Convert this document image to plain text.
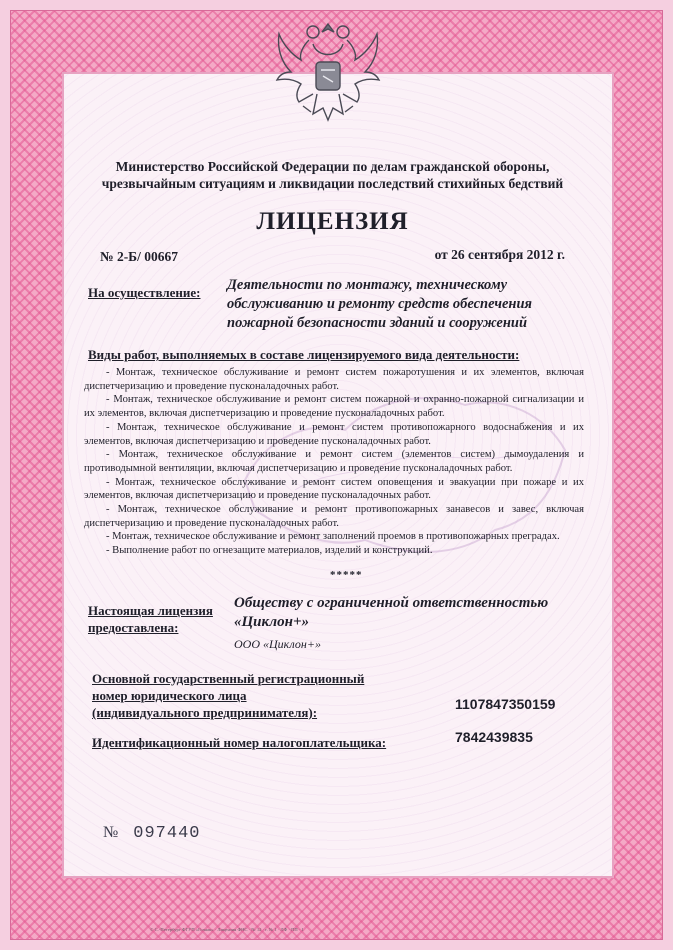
Министерство Российской Федерации по делам гражданской обороны,
чрезвычайным ситуациям и ликвидации последствий стихийных бедствий
ЛИЦЕНЗИЯ
№ 2-Б/ 00667	от 26 сентября 2012 г.
На осуществление: Деятельности по монтажу, техническому обслуживанию и ремонту средств обеспечения пожарной безопасности зданий и сооружений
Виды работ, выполняемых в составе лицензируемого вида деятельности:

- Монтаж, техническое обслуживание и ремонт систем пожаротушения и их элементов, включая диспетчеризацию и проведение пусконаладочных работ.

- Монтаж, техническое обслуживание и ремонт систем пожарной и охранно-пожарной сигнализации и их элементов, включая диспетчеризацию и проведение пусконаладочных работ.

- Монтаж, техническое обслуживание и ремонт систем противопожарного водоснабжения и их элементов, включая диспетчеризацию и проведение пусконаладочных работ.

- Монтаж, техническое обслуживание и ремонт систем (элементов систем) дымоудаления и противодымной вентиляции, включая диспетчеризацию и проведение пусконаладочных работ.

- Монтаж, техническое обслуживание и ремонт систем оповещения и эвакуации при пожаре и их элементов, включая диспетчеризацию и проведение пусконаладочных работ.

- Монтаж, техническое обслуживание и ремонт противопожарных занавесов и завес, включая диспетчеризацию и проведение пусконаладочных работ.

- Монтаж, техническое обслуживание и ремонт заполнений проемов в противопожарных преградах.

- Выполнение работ по огнезащите материалов, изделий и конструкций.

*****
Настоящая лицензия
предоставлена:
Обществу с ограниченной ответственностью «Циклон+»
ООО «Циклон+»
Основной государственный регистрационный
номер юридического лица
(индивидуального предпринимателя):
1107847350159
Идентификационный номер налогоплательщика:	7842439835
№ 097440
© С.-Петербург ФГУП «Гознак» · Лицензия ФНС · № 12 · г. № 1 · ЛФ · ПП · 1
